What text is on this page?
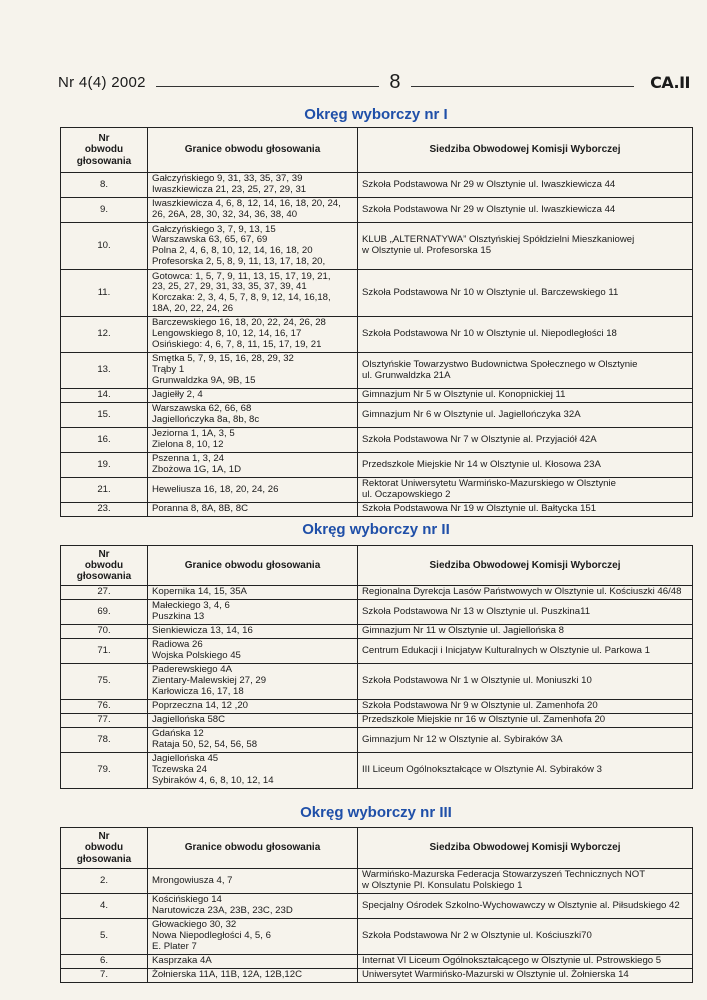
Nr 4(4) 2002	8	CA.II
Okręg wyborczy nr I
Nr
obwodu
głosowania	Granice obwodu głosowania	Siedziba Obwodowej Komisji Wyborczej
8.	Gałczyńskiego 9, 31, 33, 35, 37, 39
Iwaszkiewicza 21, 23, 25, 27, 29, 31	Szkoła Podstawowa Nr 29 w Olsztynie ul. Iwaszkiewicza 44

9.	Iwaszkiewicza 4, 6, 8, 12, 14, 16, 18, 20, 24,
26, 26A, 28, 30, 32, 34, 36, 38, 40	Szkoła Podstawowa Nr 29 w Olsztynie ul. Iwaszkiewicza 44

10.	Gałczyńskiego 3, 7, 9, 13, 15
Warszawska 63, 65, 67, 69
Polna 2, 4, 6, 8, 10, 12, 14, 16, 18, 20
Profesorska 2, 5, 8, 9, 11, 13, 17, 18, 20,	KLUB „ALTERNATYWA” Olsztyńskiej Spółdzielni Mieszkaniowej
w Olsztynie ul. Profesorska 15

11.	Gotowca: 1, 5, 7, 9, 11, 13, 15, 17, 19, 21,
23, 25, 27, 29, 31, 33, 35, 37, 39, 41
Korczaka: 2, 3, 4, 5, 7, 8, 9, 12, 14, 16,18,
18A, 20, 22, 24, 26	Szkoła Podstawowa Nr 10 w Olsztynie ul. Barczewskiego 11

12.	Barczewskiego 16, 18, 20, 22, 24, 26, 28
Lengowskiego 8, 10, 12, 14, 16, 17
Osińskiego: 4, 6, 7, 8, 11, 15, 17, 19, 21	Szkoła Podstawowa Nr 10 w Olsztynie ul. Niepodległości 18

13.	Smętka 5, 7, 9, 15, 16, 28, 29, 32
Trąby 1
Grunwaldzka 9A, 9B, 15	Olsztyńskie Towarzystwo Budownictwa Społecznego w Olsztynie
ul. Grunwaldzka 21A

14.	Jagiełły 2, 4	Gimnazjum Nr 5 w Olsztynie ul. Konopnickiej 11

15.	Warszawska 62, 66, 68
Jagiellończyka 8a, 8b, 8c	Gimnazjum Nr 6 w Olsztynie ul. Jagiellończyka 32A

16.	Jeziorna 1, 1A, 3, 5
Zielona 8, 10, 12	Szkoła Podstawowa Nr 7 w Olsztynie al. Przyjaciół 42A

19.	Pszenna 1, 3, 24
Zbożowa 1G, 1A, 1D	Przedszkole Miejskie Nr 14 w Olsztynie ul. Kłosowa 23A

21.	Heweliusza 16, 18, 20, 24, 26	Rektorat Uniwersytetu Warmińsko-Mazurskiego w Olsztynie
ul. Oczapowskiego 2

23.	Poranna 8, 8A, 8B, 8C	Szkoła Podstawowa Nr 19 w Olsztynie ul. Bałtycka 151
Okręg wyborczy nr II
Nr
obwodu
głosowania	Granice obwodu głosowania	Siedziba Obwodowej Komisji Wyborczej
27.	Kopernika 14, 15, 35A	Regionalna Dyrekcja Lasów Państwowych w Olsztynie ul. Kościuszki 46/48

69.	Małeckiego 3, 4, 6
Puszkina 13	Szkoła Podstawowa Nr 13 w Olsztynie ul. Puszkina11

70.	Sienkiewicza 13, 14, 16	Gimnazjum Nr 11 w Olsztynie ul. Jagiellońska 8

71.	Radiowa 26
Wojska Polskiego 45	Centrum Edukacji i Inicjatyw Kulturalnych w Olsztynie ul. Parkowa 1

75.	Paderewskiego 4A
Zientary-Malewskiej 27, 29
Karłowicza 16, 17, 18	Szkoła Podstawowa Nr 1 w Olsztynie ul. Moniuszki 10

76.	Poprzeczna 14, 12 ,20	Szkoła Podstawowa Nr 9 w Olsztynie ul. Zamenhofa 20

77.	Jagiellońska 58C	Przedszkole Miejskie nr 16 w Olsztynie ul. Zamenhofa 20

78.	Gdańska 12
Rataja 50, 52, 54, 56, 58	Gimnazjum Nr 12 w Olsztynie al. Sybiraków 3A

79.	Jagiellońska 45
Tczewska 24
Sybiraków 4, 6, 8, 10, 12, 14	III Liceum Ogólnokształcące w Olsztynie Al. Sybiraków 3
Okręg wyborczy nr III
Nr
obwodu
głosowania	Granice obwodu głosowania	Siedziba Obwodowej Komisji Wyborczej
2.	Mrongowiusza 4, 7	Warmińsko-Mazurska Federacja Stowarzyszeń Technicznych NOT
w Olsztynie Pl. Konsulatu Polskiego 1

4.	Kościńskiego 14
Narutowicza 23A, 23B, 23C, 23D	Specjalny Ośrodek Szkolno-Wychowawczy w Olsztynie al. Piłsudskiego 42

5.	Głowackiego 30, 32
Nowa Niepodległości 4, 5, 6
E. Plater 7	Szkoła Podstawowa Nr 2 w Olsztynie ul. Kościuszki70

6.	Kasprzaka 4A	Internat VI Liceum Ogólnokształcącego w Olsztynie ul. Pstrowskiego 5

7.	Żołnierska 11A, 11B, 12A, 12B,12C	Uniwersytet Warmińsko-Mazurski w Olsztynie ul. Żołnierska 14
